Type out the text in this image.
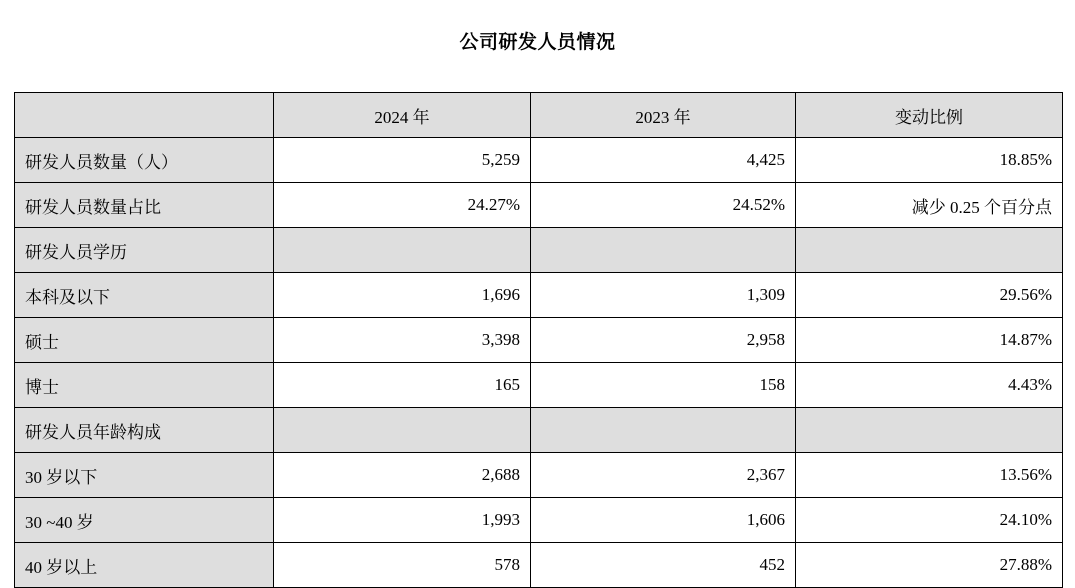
公司研发人员情况
	2024 年	2023 年	变动比例
研发人员数量（人）	5,259	4,425	18.85%
研发人员数量占比	24.27%	24.52%	减少 0.25 个百分点
研发人员学历			
本科及以下	1,696	1,309	29.56%
硕士	3,398	2,958	14.87%
博士	165	158	4.43%
研发人员年龄构成			
30 岁以下	2,688	2,367	13.56%
30 ~40 岁	1,993	1,606	24.10%
40 岁以上	578	452	27.88%
